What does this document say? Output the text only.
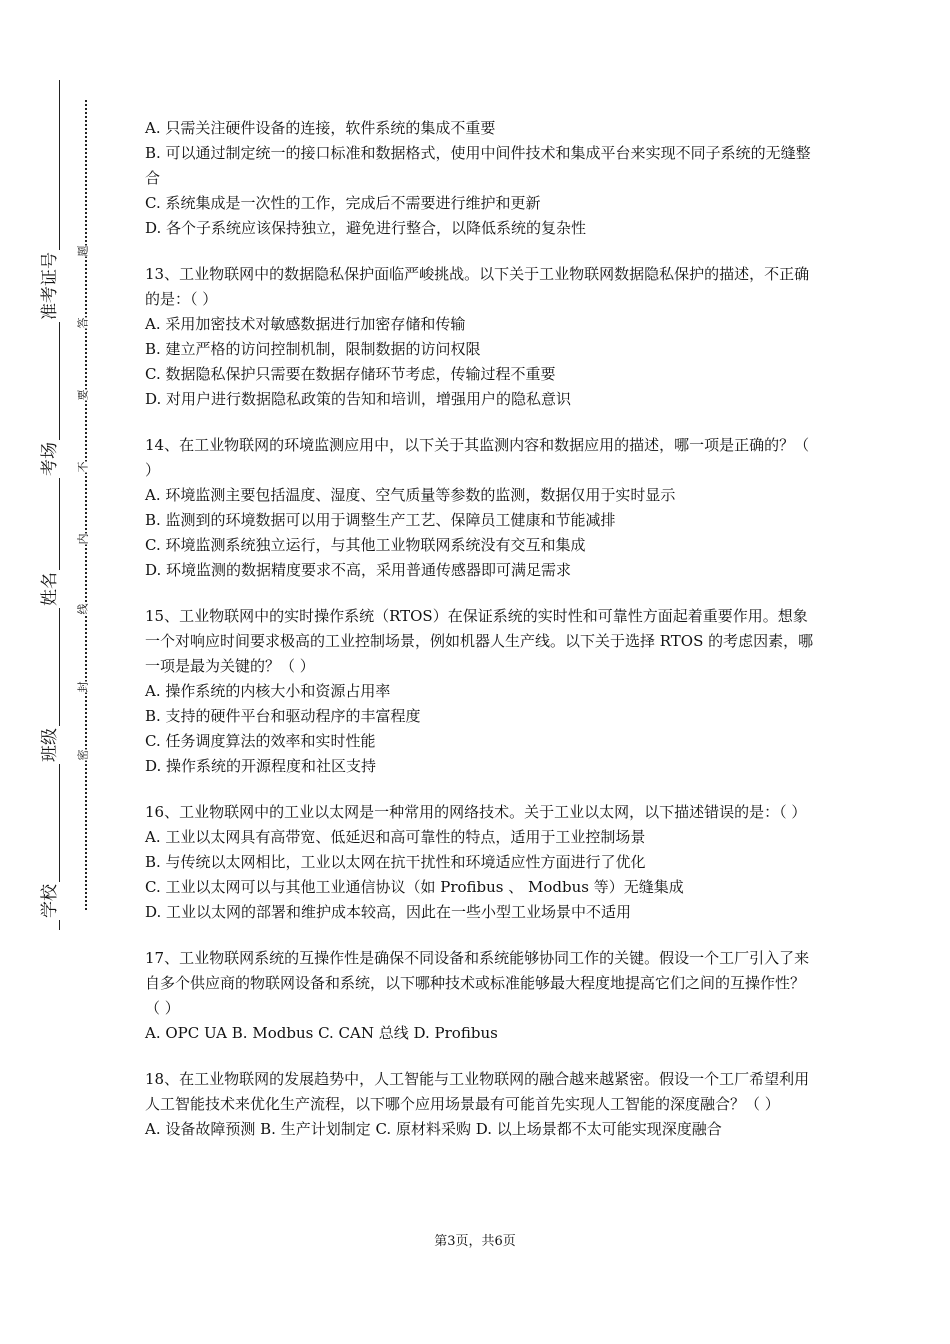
学校
班级
姓名
考场
准考证号
密
封
线
内
不
要
答
题
A. 只需关注硬件设备的连接，软件系统的集成不重要
B. 可以通过制定统一的接口标准和数据格式，使用中间件技术和集成平台来实现不同子系统的无缝整合
C. 系统集成是一次性的工作，完成后不需要进行维护和更新
D. 各个子系统应该保持独立，避免进行整合，以降低系统的复杂性
13、工业物联网中的数据隐私保护面临严峻挑战。以下关于工业物联网数据隐私保护的描述，不正确的是：（ ）
A. 采用加密技术对敏感数据进行加密存储和传输
B. 建立严格的访问控制机制，限制数据的访问权限
C. 数据隐私保护只需要在数据存储环节考虑，传输过程不重要
D. 对用户进行数据隐私政策的告知和培训，增强用户的隐私意识
14、在工业物联网的环境监测应用中，以下关于其监测内容和数据应用的描述，哪一项是正确的？（ ）
A. 环境监测主要包括温度、湿度、空气质量等参数的监测，数据仅用于实时显示
B. 监测到的环境数据可以用于调整生产工艺、保障员工健康和节能减排
C. 环境监测系统独立运行，与其他工业物联网系统没有交互和集成
D. 环境监测的数据精度要求不高，采用普通传感器即可满足需求
15、工业物联网中的实时操作系统（RTOS）在保证系统的实时性和可靠性方面起着重要作用。想象一个对响应时间要求极高的工业控制场景，例如机器人生产线。以下关于选择 RTOS 的考虑因素，哪一项是最为关键的？（ ）
A. 操作系统的内核大小和资源占用率
B. 支持的硬件平台和驱动程序的丰富程度
C. 任务调度算法的效率和实时性能
D. 操作系统的开源程度和社区支持
16、工业物联网中的工业以太网是一种常用的网络技术。关于工业以太网，以下描述错误的是：（ ）
A. 工业以太网具有高带宽、低延迟和高可靠性的特点，适用于工业控制场景
B. 与传统以太网相比，工业以太网在抗干扰性和环境适应性方面进行了优化
C. 工业以太网可以与其他工业通信协议（如 Profibus 、 Modbus 等）无缝集成
D. 工业以太网的部署和维护成本较高，因此在一些小型工业场景中不适用
17、工业物联网系统的互操作性是确保不同设备和系统能够协同工作的关键。假设一个工厂引入了来自多个供应商的物联网设备和系统，以下哪种技术或标准能够最大程度地提高它们之间的互操作性？（ ）
A. OPC UA B. Modbus C. CAN 总线 D. Profibus
18、在工业物联网的发展趋势中，人工智能与工业物联网的融合越来越紧密。假设一个工厂希望利用人工智能技术来优化生产流程，以下哪个应用场景最有可能首先实现人工智能的深度融合？（ ）
A. 设备故障预测 B. 生产计划制定 C. 原材料采购 D. 以上场景都不太可能实现深度融合
第3页，共6页
